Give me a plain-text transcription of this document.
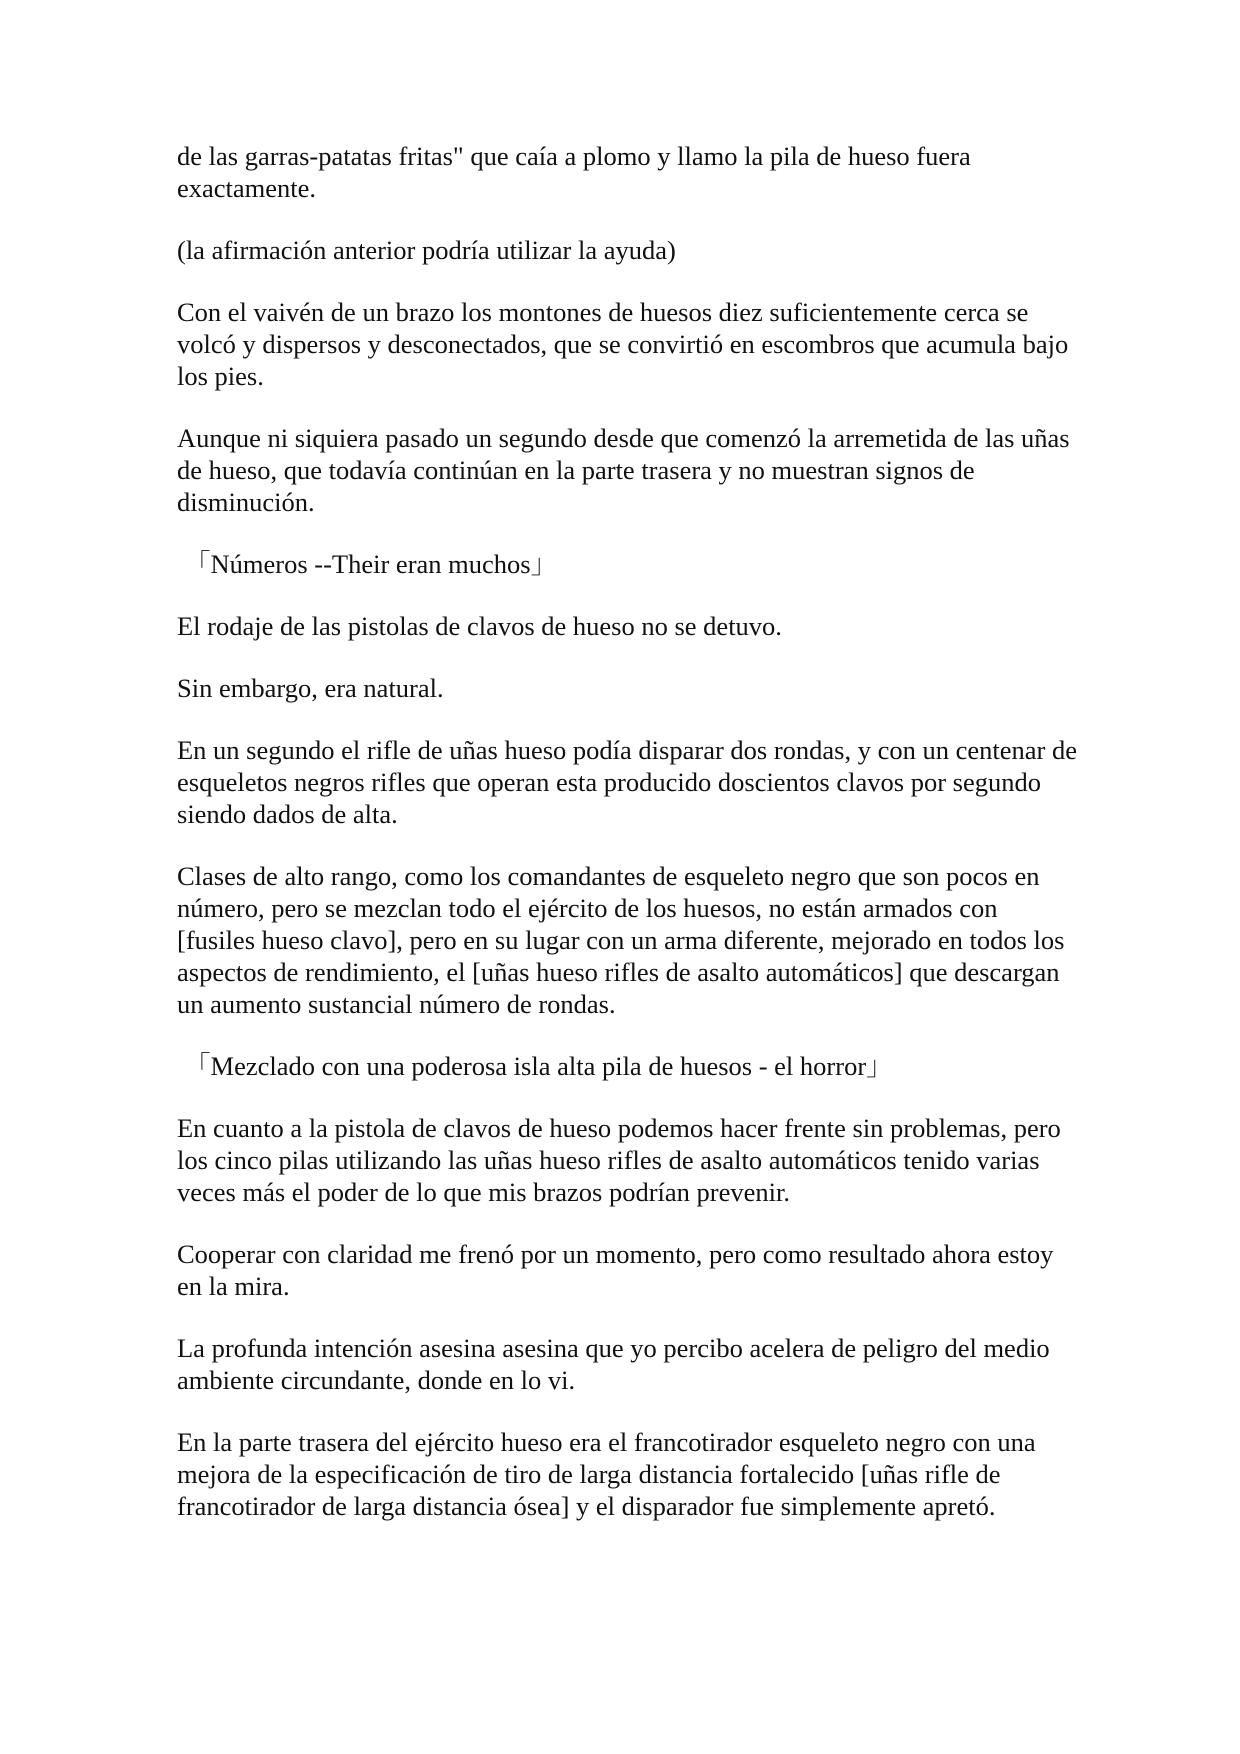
de las garras-patatas fritas" que caía a plomo y llamo la pila de hueso fuera exactamente.

(la afirmación anterior podría utilizar la ayuda)

Con el vaivén de un brazo los montones de huesos diez suficientemente cerca se volcó y dispersos y desconectados, que se convirtió en escombros que acumula bajo los pies.

Aunque ni siquiera pasado un segundo desde que comenzó la arremetida de las uñas de hueso, que todavía continúan en la parte trasera y no muestran signos de disminución.

「Números --Their eran muchos」

El rodaje de las pistolas de clavos de hueso no se detuvo.

Sin embargo, era natural.

En un segundo el rifle de uñas hueso podía disparar dos rondas, y con un centenar de esqueletos negros rifles que operan esta producido doscientos clavos por segundo siendo dados de alta.

Clases de alto rango, como los comandantes de esqueleto negro que son pocos en número, pero se mezclan todo el ejército de los huesos, no están armados con [fusiles hueso clavo], pero en su lugar con un arma diferente, mejorado en todos los aspectos de rendimiento, el [uñas hueso rifles de asalto automáticos] que descargan un aumento sustancial número de rondas.

「Mezclado con una poderosa isla alta pila de huesos - el horror」

En cuanto a la pistola de clavos de hueso podemos hacer frente sin problemas, pero los cinco pilas utilizando las uñas hueso rifles de asalto automáticos tenido varias veces más el poder de lo que mis brazos podrían prevenir.

Cooperar con claridad me frenó por un momento, pero como resultado ahora estoy en la mira.

La profunda intención asesina asesina que yo percibo acelera de peligro del medio ambiente circundante, donde en lo vi.

En la parte trasera del ejército hueso era el francotirador esqueleto negro con una mejora de la especificación de tiro de larga distancia fortalecido [uñas rifle de francotirador de larga distancia ósea] y el disparador fue simplemente apretó.
